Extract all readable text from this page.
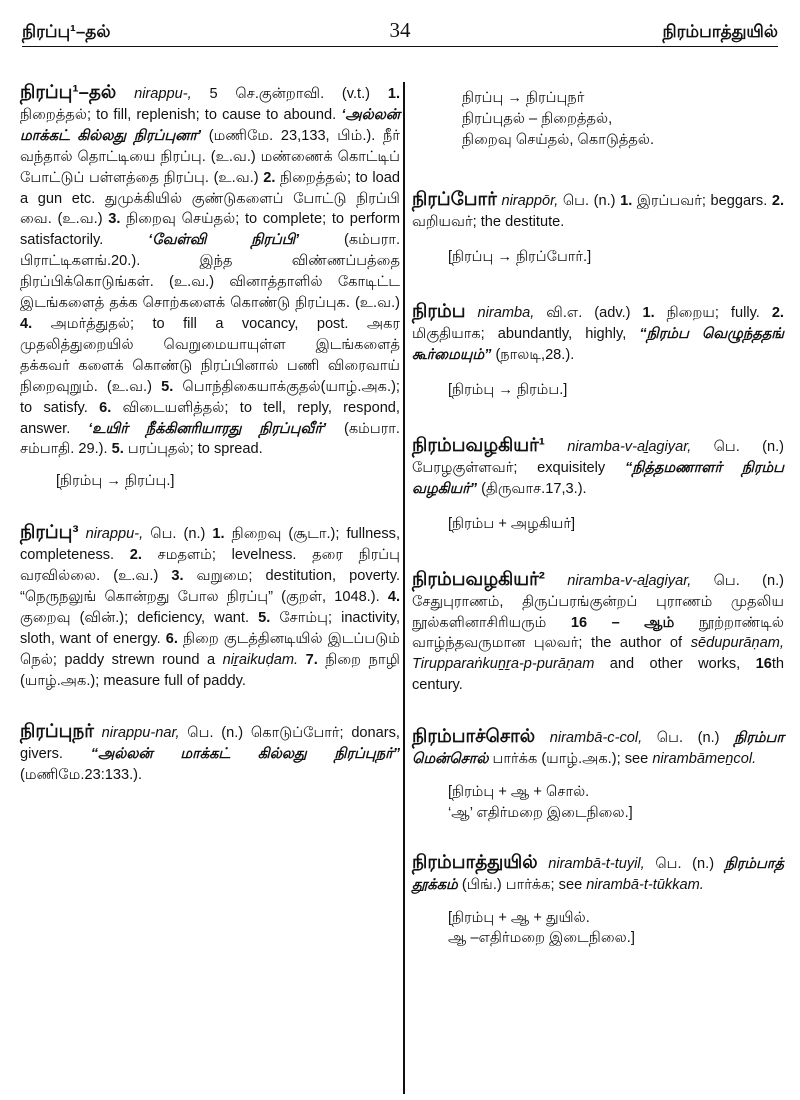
நிரப்பு¹–தல்	34	நிரம்பாத்துயில்

நிரப்பு¹–தல் nirappu-, 5 செ.குன்றாவி. (v.t.) 1. நிறைத்தல்; to fill, replenish; to cause to abound. ‘அல்லன் மாக்கட் கில்லது நிரப்புனா’ (மணிமே. 23,133, பிம்.). நீர் வந்தால் தொட்டியை நிரப்பு. (உ.வ.) மண்ணைக் கொட்டிப் போட்டுப் பள்ளத்தை நிரப்பு. (உ.வ.) 2. நிறைத்தல்; to load a gun etc. துமுக்கியில் குண்டுகளைப் போட்டு நிரப்பி வை. (உ.வ.) 3. நிறைவு செய்தல்; to complete; to perform satisfactorily.	‘வேள்வி நிரப்பி’	(கம்பரா. பிராட்டிகளங்.20.). இந்த விண்ணப்பத்தை நிரப்பிக்கொடுங்கள். (உ.வ.) வினாத்தாளில் கோடிட்ட இடங்களைத் தக்க சொற்களைக் கொண்டு நிரப்புக. (உ.வ.) 4. அமர்த்துதல்; to fill a vocancy, post. அகர முதலித்துறையில் வெறுமையாயுள்ள இடங்களைத் தக்கவர் களைக் கொண்டு நிரப்பினால் பணி விரைவாய் நிறைவுறும். (உ.வ.) 5. பொந்திகையாக்குதல்(யாழ்.அக.); to satisfy. 6. விடையளித்தல்; to tell, reply, respond, answer. ‘உயிர் நீக்கினரியாரது நிரப்புவீர்’ (கம்பரா. சம்பாதி. 29.). 5. பரப்புதல்; to spread.

[நிரம்பு → நிரப்பு.]

நிரப்பு³ nirappu-, பெ. (n.) 1. நிறைவு (சூடா.); fullness, completeness. 2. சமதளம்; levelness. தரை நிரப்பு வரவில்லை. (உ.வ.) 3. வறுமை; destitution, poverty. “நெருநலுங் கொன்றது போல நிரப்பு” (குறள், 1048.). 4. குறைவு (வின்.); deficiency, want. 5. சோம்பு; inactivity, sloth, want of energy. 6. நிறை குடத்தினடியில் இடப்படும் நெல்; paddy strewn round a niṟaikuḍam. 7. நிறை நாழி (யாழ்.அக.); measure full of paddy.

நிரப்புநர் nirappu-nar, பெ. (n.) கொடுப்போர்; donars, givers. “அல்லன் மாக்கட் கில்லது நிரப்புநர்” (மணிமே.23:133.).

நிரப்பு → நிரப்புநர்

நிரப்புதல் – நிறைத்தல்,

நிறைவு செய்தல், கொடுத்தல்.

நிரப்போர் nirappōr, பெ. (n.) 1. இரப்பவர்; beggars. 2. வறியவர்; the destitute.

[நிரப்பு → நிரப்போர்.]

நிரம்ப niramba, வி.எ. (adv.) 1. நிறைய; fully. 2. மிகுதியாக; abundantly, highly, “நிரம்ப வெழுந்ததங் கூர்மையும்” (நாலடி,28.).

[நிரம்பு → நிரம்ப.]

நிரம்பவழகியர்¹ niramba-v-aḻagiyar, பெ. (n.) பேரழகுள்ளவர்; exquisitely “நித்தமணாளர் நிரம்ப வழகியர்” (திருவாச.17,3.).

[நிரம்ப + அழகியர்]

நிரம்பவழகியர்² niramba-v-aḻagiyar, பெ. (n.) சேதுபுராணம், திருப்பரங்குன்றப் புராணம் முதலிய நூல்களினாசிரியரும் 16 – ஆம் நூற்றாண்டில் வாழ்ந்தவருமான புலவர்; the author of sēdupurāṇam, Tirupparaṅkuṉṟa-p-purāṇam and other works, 16th century.

நிரம்பாச்சொல் nirambā-c-col, பெ. (n.) நிரம்பா மென்சொல் பார்க்க (யாழ்.அக.); see nirambāmeṉcol.

[நிரம்பு + ஆ + சொல்.

‘ஆ’ எதிர்மறை இடைநிலை.]

நிரம்பாத்துயில் nirambā-t-tuyil, பெ. (n.) நிரம்பாத் தூக்கம் (பிங்.) பார்க்க; see nirambā-t-tūkkam.

[நிரம்பு + ஆ + துயில்.

ஆ –எதிர்மறை இடைநிலை.]
